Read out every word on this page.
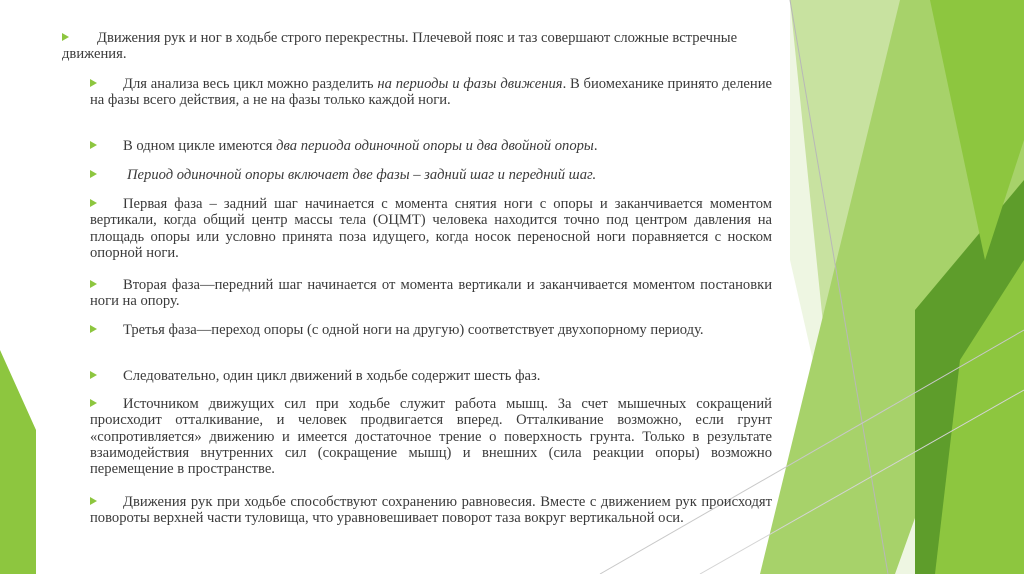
Движения рук и ног в ходьбе строго перекрестны. Плечевой пояс и таз совершают сложные встречные движения.

Для анализа весь цикл можно разделить на периоды и фазы движения. В биомеханике принято деление на фазы всего действия, а не на фазы только каждой ноги.

В одном цикле имеются два периода одиночной опоры и два двойной опоры.

Период одиночной опоры включает две фазы – задний шаг и передний шаг.

Первая фаза – задний шаг начинается с момента снятия ноги с опоры и заканчивается моментом вертикали, когда общий центр массы тела (ОЦМТ) человека находится точно под центром давления на площадь опоры или условно принята поза идущего, когда носок переносной ноги поравняется с носком опорной ноги.

Вторая фаза—передний шаг начинается от момента вертикали и заканчивается моментом постановки ноги на опору.

Третья фаза—переход опоры (с одной ноги на другую) соответствует двухопорному периоду.

Следовательно, один цикл движений в ходьбе содержит шесть фаз.

Источником движущих сил при ходьбе служит работа мышц. За счет мышечных сокращений происходит отталкивание, и человек продвигается вперед. Отталкивание возможно, если грунт «сопротивляется» движению и имеется достаточное трение о поверхность грунта. Только в результате взаимодействия внутренних сил (сокращение мышц) и внешних (сила реакции опоры) возможно перемещение в пространстве.

Движения рук при ходьбе способствуют сохранению равновесия. Вместе с движением рук происходят повороты верхней части туловища, что уравновешивает поворот таза вокруг вертикальной оси.
